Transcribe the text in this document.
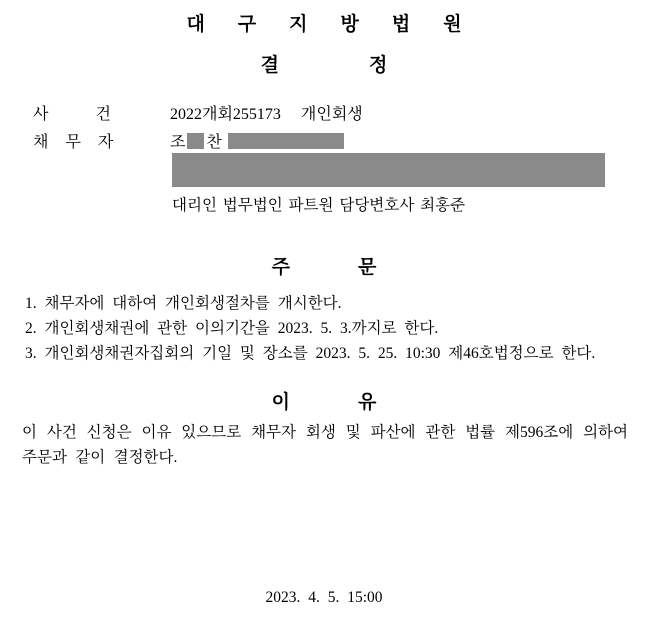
대구지방법원
결정
사건 2022개회255173 개인회생
채무자 조 찬
대리인 법무법인 파트원 담당변호사 최홍준
주문
1. 채무자에 대하여 개인회생절차를 개시한다.
2. 개인회생채권에 관한 이의기간을 2023. 5. 3.까지로 한다.
3. 개인회생채권자집회의 기일 및 장소를 2023. 5. 25. 10:30 제46호법정으로 한다.
이유
이 사건 신청은 이유 있으므로 채무자 회생 및 파산에 관한 법률 제596조에 의하여 주문과 같이 결정한다.
2023. 4. 5. 15:00
